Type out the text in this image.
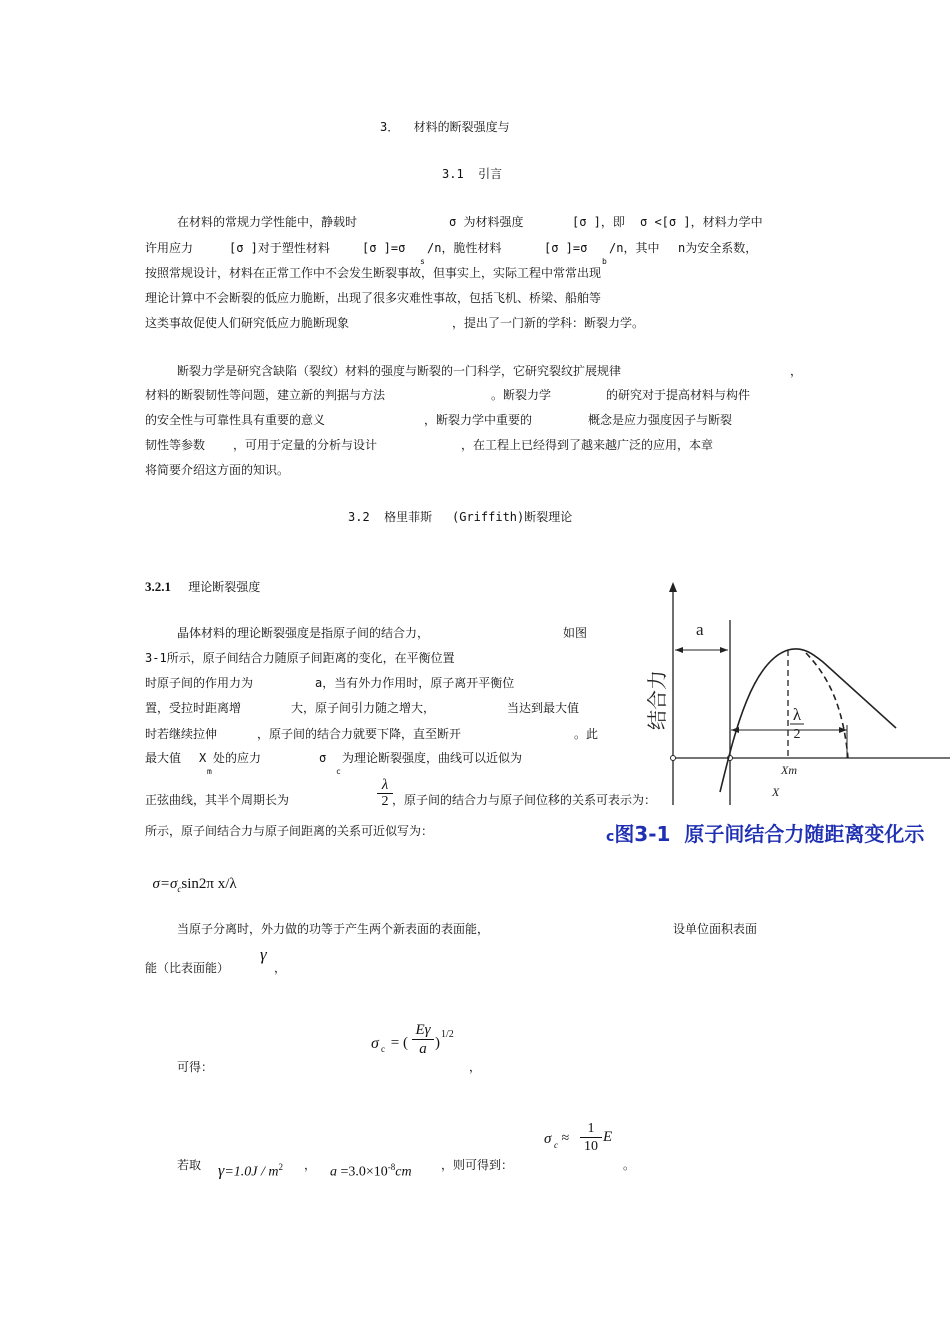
3．  材料的断裂强度与
3.1  引言
在材料的常规力学性能中，静载时	σ 为材料强度	[σ ]，即 σ <[σ ]，材料力学中
许用应力	[σ ]对于塑性材料	[σ ]=σ
s
/n，脆性材料	[σ ]=σ
b
/n，其中 n为安全系数，
按照常规设计，材料在正常工作中不会发生断裂事故，但事实上，实际工程中常常出现
理论计算中不会断裂的低应力脆断，出现了很多灾难性事故，包括飞机、桥梁、船舶等
这类事故促使人们研究低应力脆断现象	，提出了一门新的学科：断裂力学。
断裂力学是研究含缺陷（裂纹）材料的强度与断裂的一门科学，它研究裂纹扩展规律	，
材料的断裂韧性等问题，建立新的判据与方法	。断裂力学	的研究对于提高材料与构件
的安全性与可靠性具有重要的意义	，断裂力学中重要的	概念是应力强度因子与断裂
韧性等参数 ，可用于定量的分析与设计	，在工程上已经得到了越来越广泛的应用，本章
将简要介绍这方面的知识。
3.2  格里菲斯 (Griffith)断裂理论
3.2.1 理论断裂强度
晶体材料的理论断裂强度是指原子间的结合力，	如图
3-1所示，原子间结合力随原子间距离的变化，在平衡位置
时原子间的作用力为	a，当有外力作用时，原子离开平衡位
置，受拉时距离增	大，原子间引力随之增大，	当达到最大值
时若继续拉伸	，原子间的结合力就要下降，直至断开	。此
最大值 X
m
处的应力	σ
c
为理论断裂强度，曲线可以近似为
正弦曲线，其半个周期长为	$\frac{\lambda}{2}$ ，原子间的结合力与原子间位移的关系可表示为：
所示，原子间结合力与原子间距离的关系可近似写为：

$\sigma=\sigma_c\sin 2\pi$ x/λ

当原子分离时，外力做的功等于产生两个新表面的表面能，	设单位面积表面
能（比表面能）
γ
，
可得：
σ c = ( $\frac{E\gamma}{a}$ )
1/2
，
若取	$\gamma=1.0J / m^2$ ， $a =3.0\times 10^{-8}cm$ ，则可得到：
σ $c \approx \frac{1}{10}$ E
。
a
结合力	λ
2
Xm
X
c图3-1  原子间结合力随距离变化示
